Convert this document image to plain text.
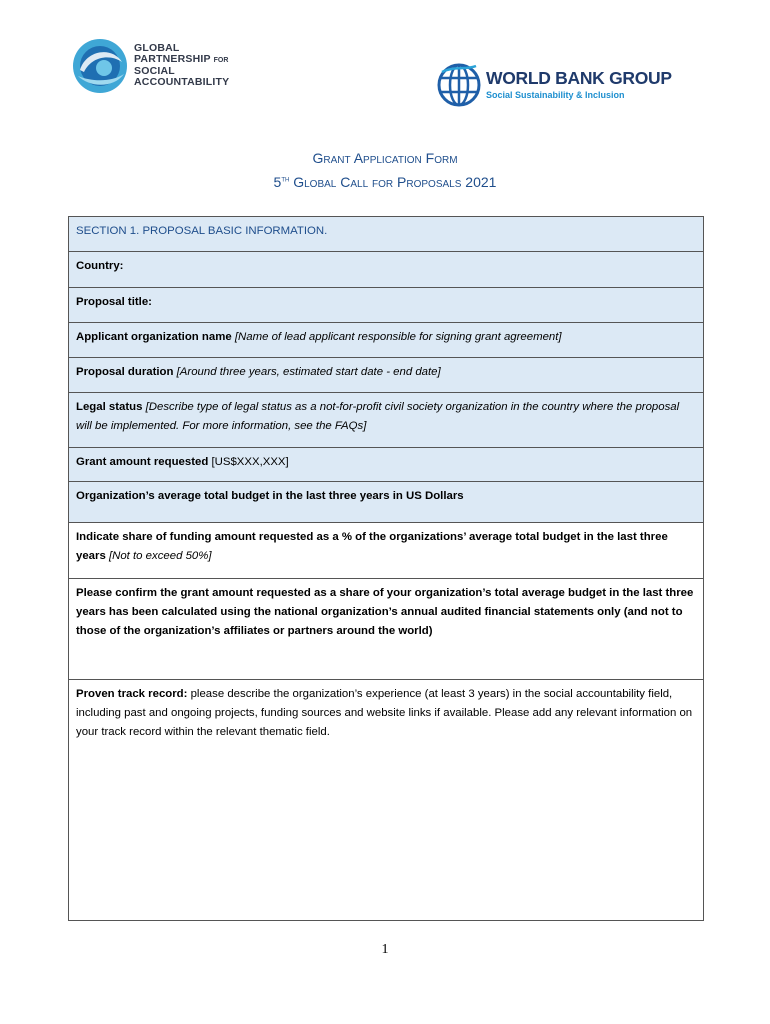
GLOBAL
PARTNERSHIP FOR
SOCIAL
ACCOUNTABILITY	WORLD BANK GROUP
Social Sustainability & Inclusion
Grant Application Form
5th Global Call for Proposals 2021
SECTION 1. PROPOSAL BASIC INFORMATION.
Country:
Proposal title:
Applicant organization name [Name of lead applicant responsible for signing grant agreement]
Proposal duration [Around three years, estimated start date - end date]
Legal status [Describe type of legal status as a not-for-profit civil society organization in the country where the proposal will be implemented. For more information, see the FAQs]
Grant amount requested [US$XXX,XXX]
Organization’s average total budget in the last three years in US Dollars
Indicate share of funding amount requested as a % of the organizations’ average total budget in the last three years [Not to exceed 50%]
Please confirm the grant amount requested as a share of your organization’s total average budget in the last three years has been calculated using the national organization’s annual audited financial statements only (and not to those of the organization’s affiliates or partners around the world)
Proven track record: please describe the organization’s experience (at least 3 years) in the social accountability field, including past and ongoing projects, funding sources and website links if available. Please add any relevant information on your track record within the relevant thematic field.
1
